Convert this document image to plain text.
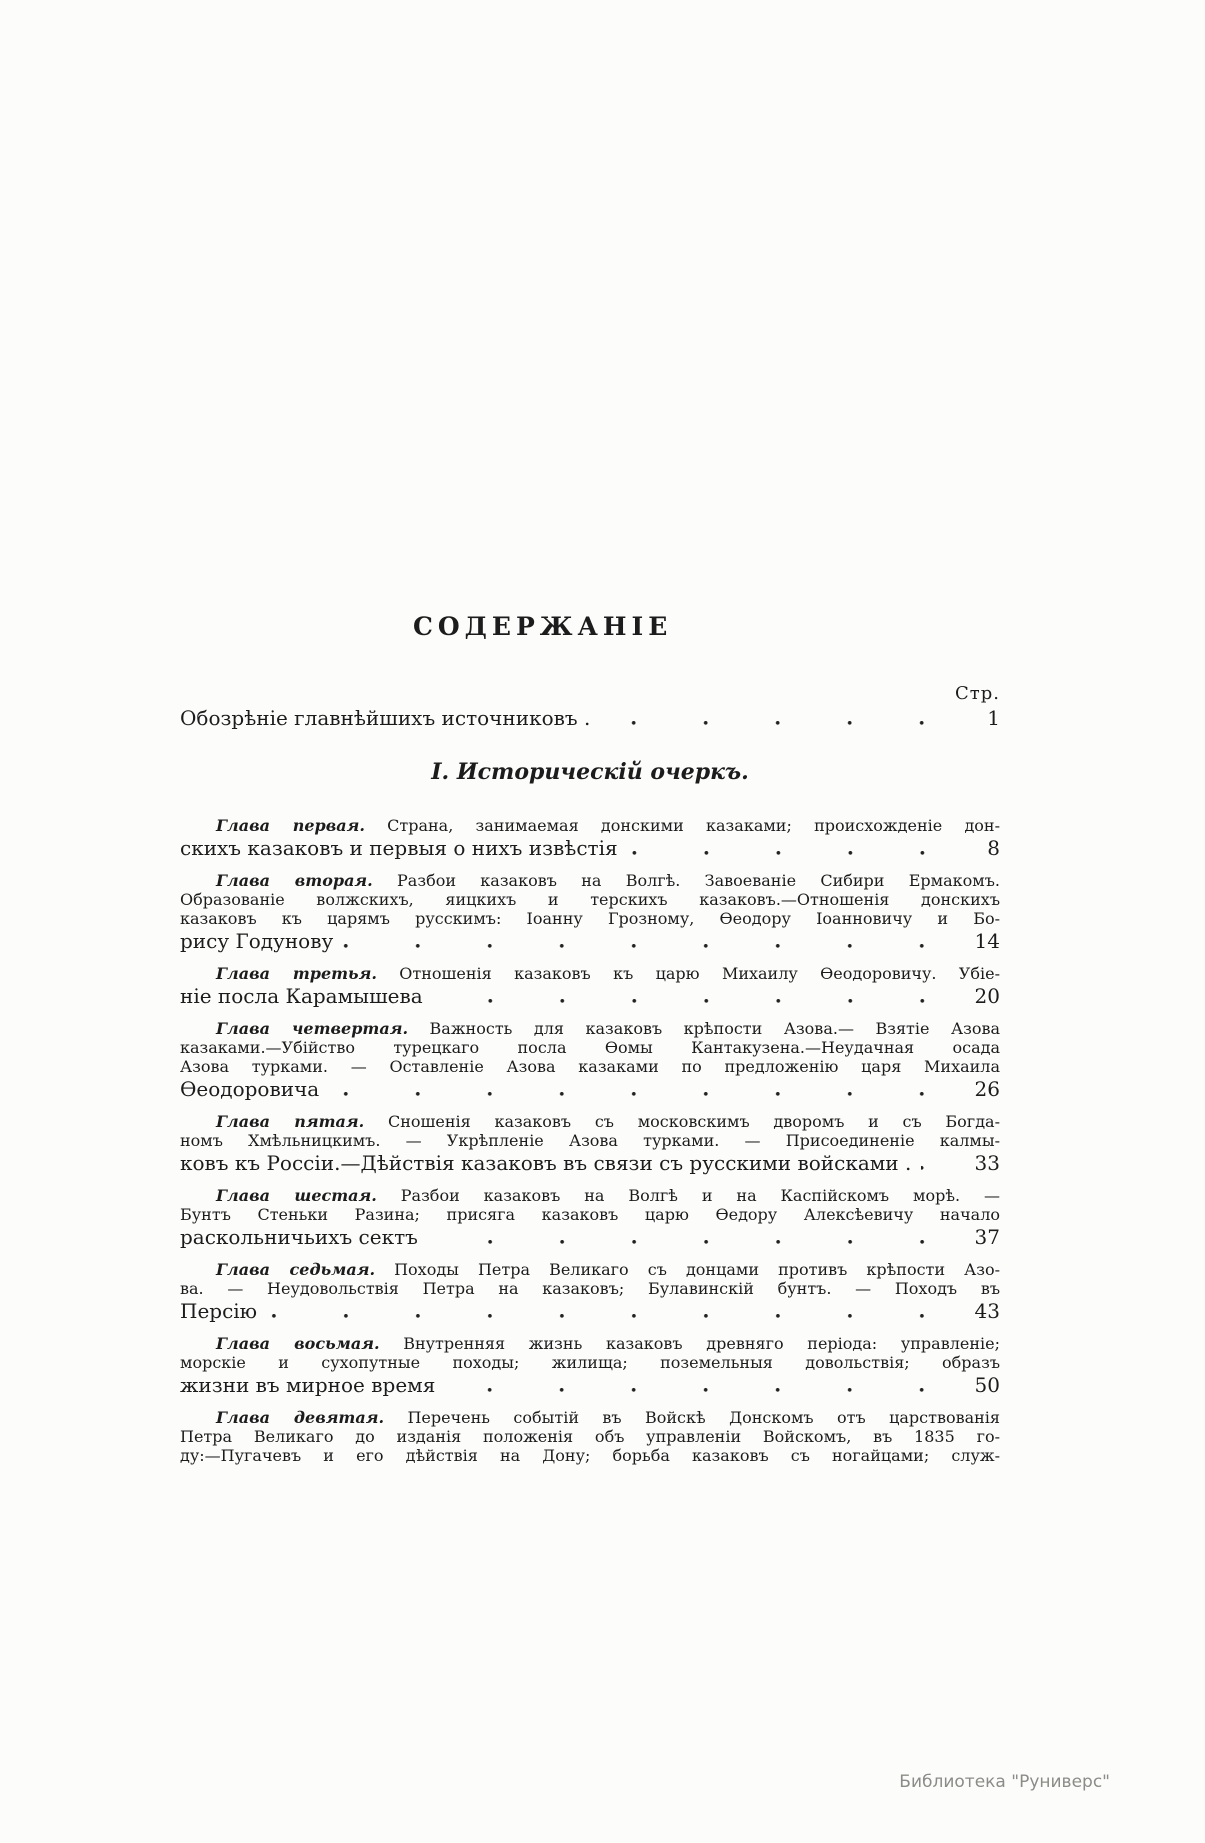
СОДЕРЖАНІЕ
Стр.
Обозрѣніе главнѣйшихъ источниковъ .	1
I. Историческій очеркъ.
Глава первая. Страна, занимаемая донскими казаками; происхожденіе дон-
скихъ казаковъ и первыя о нихъ извѣстія	8
Глава вторая. Разбои казаковъ на Волгѣ. Завоеваніе Сибири Ермакомъ.
Образованіе волжскихъ, яицкихъ и терскихъ казаковъ.—Отношенія донскихъ
казаковъ къ царямъ русскимъ: Іоанну Грозному, Ѳеодору Іоанновичу и Бо-
рису Годунову	14
Глава третья. Отношенія казаковъ къ царю Михаилу Ѳеодоровичу. Убіе-
ніе посла Карамышева	20
Глава четвертая. Важность для казаковъ крѣпости Азова.— Взятіе Азова
казаками.—Убійство турецкаго посла Ѳомы Кантакузена.—Неудачная осада
Азова турками. — Оставленіе Азова казаками по предложенію царя Михаила
Ѳеодоровича	26
Глава пятая. Сношенія казаковъ съ московскимъ дворомъ и съ Богда-
номъ Хмѣльницкимъ. — Укрѣпленіе Азова турками. — Присоединеніе калмы-
ковъ къ Россіи.—Дѣйствія казаковъ въ связи съ русскими войсками .	33
Глава шестая. Разбои казаковъ на Волгѣ и на Каспійскомъ морѣ. —
Бунтъ Стеньки Разина; присяга казаковъ царю Ѳедору Алексѣевичу начало
раскольничьихъ сектъ	37
Глава седьмая. Походы Петра Великаго съ донцами противъ крѣпости Азо-
ва. — Неудовольствія Петра на казаковъ; Булавинскій бунтъ. — Походъ въ
Персію	43
Глава восьмая. Внутренняя жизнь казаковъ древняго періода: управленіе;
морскіе и сухопутные походы; жилища; поземельныя довольствія; образъ
жизни въ мирное время	50
Глава девятая. Перечень событій въ Войскѣ Донскомъ отъ царствованія
Петра Великаго до изданія положенія объ управленіи Войскомъ, въ 1835 го-
ду:—Пугачевъ и его дѣйствія на Дону; борьба казаковъ съ ногайцами; служ-
Библиотека "Руниверс"
